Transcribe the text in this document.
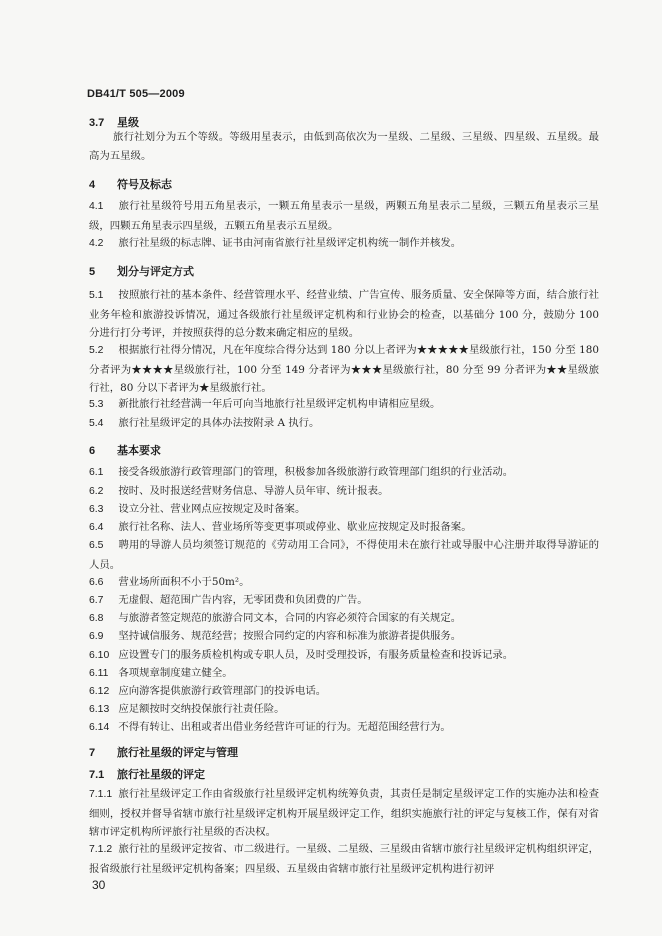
DB41/T 505—2009
3.7 星级
旅行社划分为五个等级。等级用星表示，由低到高依次为一星级、二星级、三星级、四星级、五星级。最高为五星级。
4 符号及标志
4.1 旅行社星级符号用五角星表示，一颗五角星表示一星级，两颗五角星表示二星级，三颗五角星表示三星级，四颗五角星表示四星级，五颗五角星表示五星级。
4.2 旅行社星级的标志牌、证书由河南省旅行社星级评定机构统一制作并核发。
5 划分与评定方式
5.1 按照旅行社的基本条件、经营管理水平、经营业绩、广告宣传、服务质量、安全保障等方面，结合旅行社业务年检和旅游投诉情况，通过各级旅行社星级评定机构和行业协会的检查，以基础分 100 分，鼓励分 100 分进行打分考评，并按照获得的总分数来确定相应的星级。
5.2 根据旅行社得分情况，凡在年度综合得分达到 180 分以上者评为★★★★★星级旅行社，150 分至 180 分者评为★★★★星级旅行社，100 分至 149 分者评为★★★星级旅行社，80 分至 99 分者评为★★星级旅行社，80 分以下者评为★星级旅行社。
5.3 新批旅行社经营满一年后可向当地旅行社星级评定机构申请相应星级。
5.4 旅行社星级评定的具体办法按附录 A 执行。
6 基本要求
6.1 接受各级旅游行政管理部门的管理，积极参加各级旅游行政管理部门组织的行业活动。
6.2 按时、及时报送经营财务信息、导游人员年审、统计报表。
6.3 设立分社、营业网点应按规定及时备案。
6.4 旅行社名称、法人、营业场所等变更事项或停业、歇业应按规定及时报备案。
6.5 聘用的导游人员均须签订规范的《劳动用工合同》，不得使用未在旅行社或导服中心注册并取得导游证的人员。
6.6 营业场所面积不小于50m²。
6.7 无虚假、超范围广告内容，无零团费和负团费的广告。
6.8 与旅游者签定规范的旅游合同文本，合同的内容必须符合国家的有关规定。
6.9 坚持诚信服务、规范经营；按照合同约定的内容和标准为旅游者提供服务。
6.10 应设置专门的服务质检机构或专职人员，及时受理投诉，有服务质量检查和投诉记录。
6.11 各项规章制度建立健全。
6.12 应向游客提供旅游行政管理部门的投诉电话。
6.13 应足额按时交纳投保旅行社责任险。
6.14 不得有转让、出租或者出借业务经营许可证的行为。无超范围经营行为。
7 旅行社星级的评定与管理
7.1 旅行社星级的评定
7.1.1 旅行社星级评定工作由省级旅行社星级评定机构统筹负责，其责任是制定星级评定工作的实施办法和检查细则，授权并督导省辖市旅行社星级评定机构开展星级评定工作，组织实施旅行社的评定与复核工作，保有对省辖市评定机构所评旅行社星级的否决权。
7.1.2 旅行社的星级评定按省、市二级进行。一星级、二星级、三星级由省辖市旅行社星级评定机构组织评定，报省级旅行社星级评定机构备案；四星级、五星级由省辖市旅行社星级评定机构进行初评
30
